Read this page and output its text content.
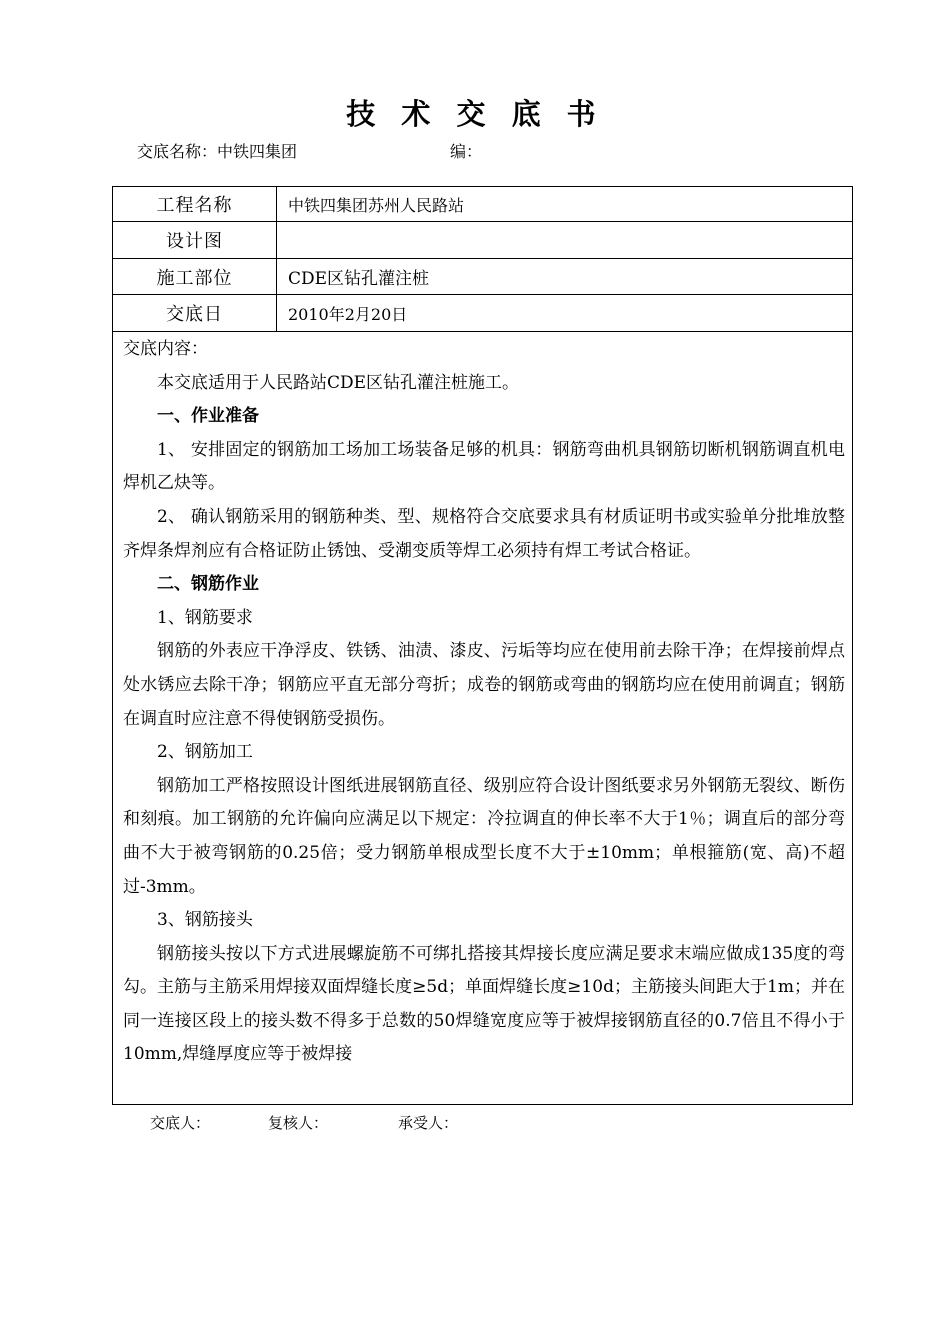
技 术 交 底 书
交底名称：中铁四集团	编：
工程名称	中铁四集团苏州人民路站
设计图
施工部位	CDE区钻孔灌注桩
交底日	2010年2月20日

交底内容：

本交底适用于人民路站CDE区钻孔灌注桩施工。

一、作业准备

1、 安排固定的钢筋加工场加工场装备足够的机具：钢筋弯曲机具钢筋切断机钢筋调直机电焊机乙炔等。

2、 确认钢筋采用的钢筋种类、型、规格符合交底要求具有材质证明书或实验单分批堆放整齐焊条焊剂应有合格证防止锈蚀、受潮变质等焊工必须持有焊工考试合格证。

二、钢筋作业

1、钢筋要求

钢筋的外表应干净浮皮、铁锈、油渍、漆皮、污垢等均应在使用前去除干净；在焊接前焊点处水锈应去除干净；钢筋应平直无部分弯折；成卷的钢筋或弯曲的钢筋均应在使用前调直；钢筋在调直时应注意不得使钢筋受损伤。

2、钢筋加工

钢筋加工严格按照设计图纸进展钢筋直径、级别应符合设计图纸要求另外钢筋无裂纹、断伤和刻痕。加工钢筋的允许偏向应满足以下规定：冷拉调直的伸长率不大于1％；调直后的部分弯曲不大于被弯钢筋的0.25倍；受力钢筋单根成型长度不大于±10mm；单根箍筋(宽、高)不超过-3mm。

3、钢筋接头

钢筋接头按以下方式进展螺旋筋不可绑扎搭接其焊接长度应满足要求末端应做成135度的弯勾。主筋与主筋采用焊接双面焊缝长度≥5d；单面焊缝长度≥10d；主筋接头间距大于1m；并在同一连接区段上的接头数不得多于总数的50焊缝宽度应等于被焊接钢筋直径的0.7倍且不得小于10mm,焊缝厚度应等于被焊接

交底人：	复核人：	承受人：
